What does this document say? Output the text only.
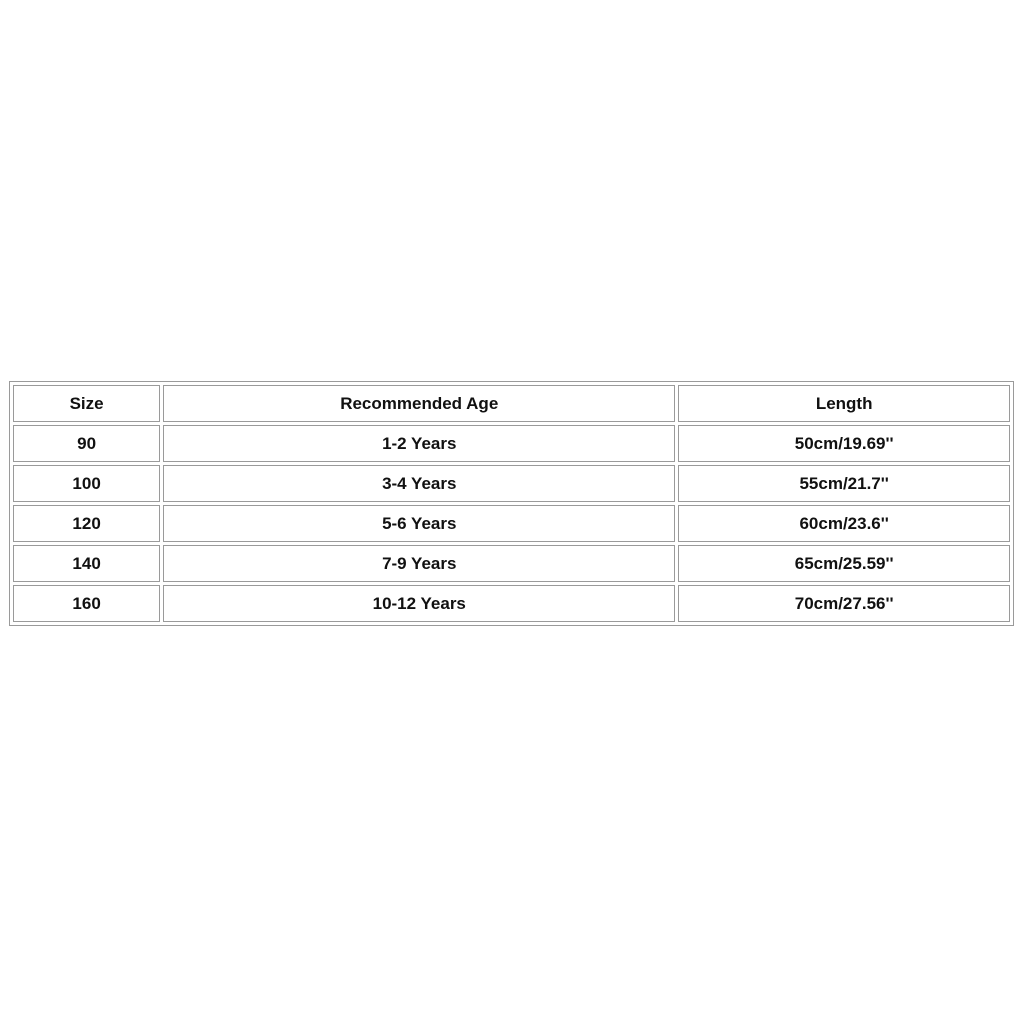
Size	Recommended Age	Length
90	1-2 Years	50cm/19.69''
100	3-4 Years	55cm/21.7''
120	5-6 Years	60cm/23.6''
140	7-9 Years	65cm/25.59''
160	10-12 Years	70cm/27.56''
